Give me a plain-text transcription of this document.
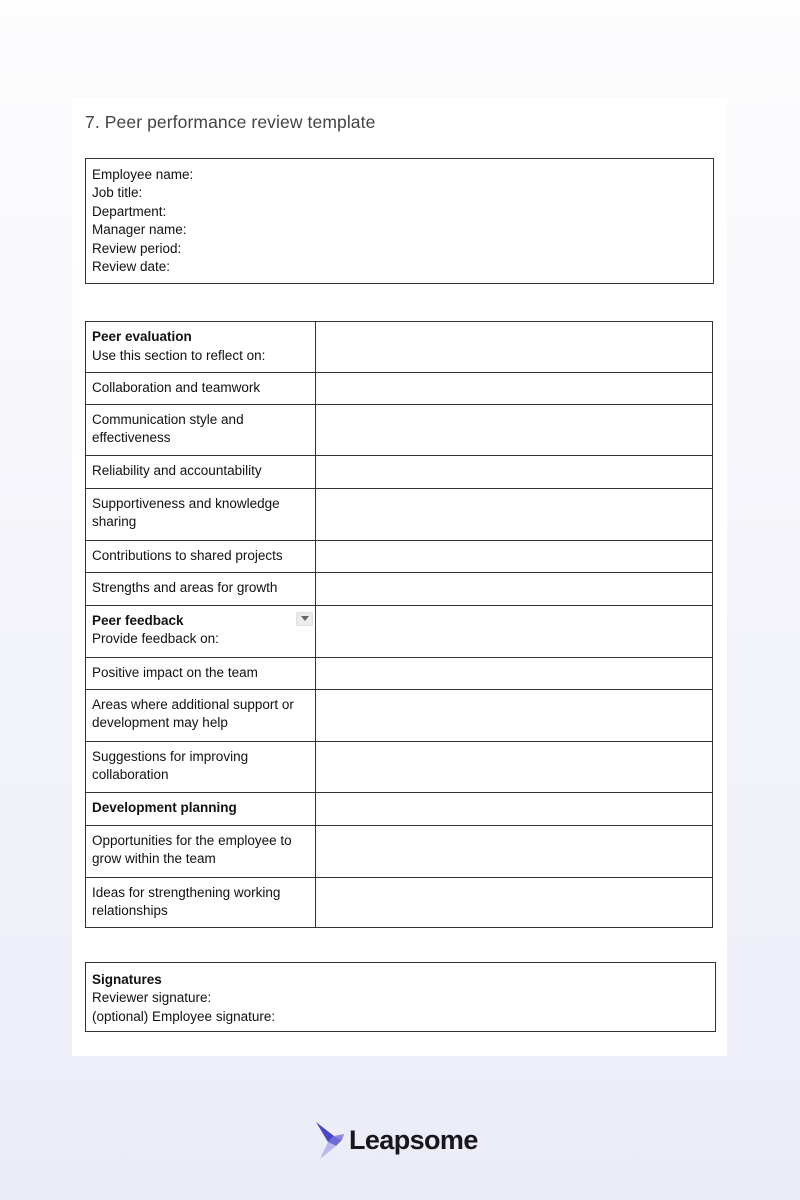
7. Peer performance review template
Employee name:
Job title:
Department:
Manager name:
Review period:
Review date:
Peer evaluation
Use this section to reflect on:	

Collaboration and teamwork	
Communication style and effectiveness	
Reliability and accountability	
Supportiveness and knowledge sharing	
Contributions to shared projects	
Strengths and areas for growth	

Peer feedback
Provide feedback on:	

Positive impact on the team	
Areas where additional support or development may help	
Suggestions for improving collaboration	
Development planning	
Opportunities for the employee to grow within the team	
Ideas for strengthening working relationships	
Signatures
Reviewer signature:
(optional) Employee signature:
Leapsome
